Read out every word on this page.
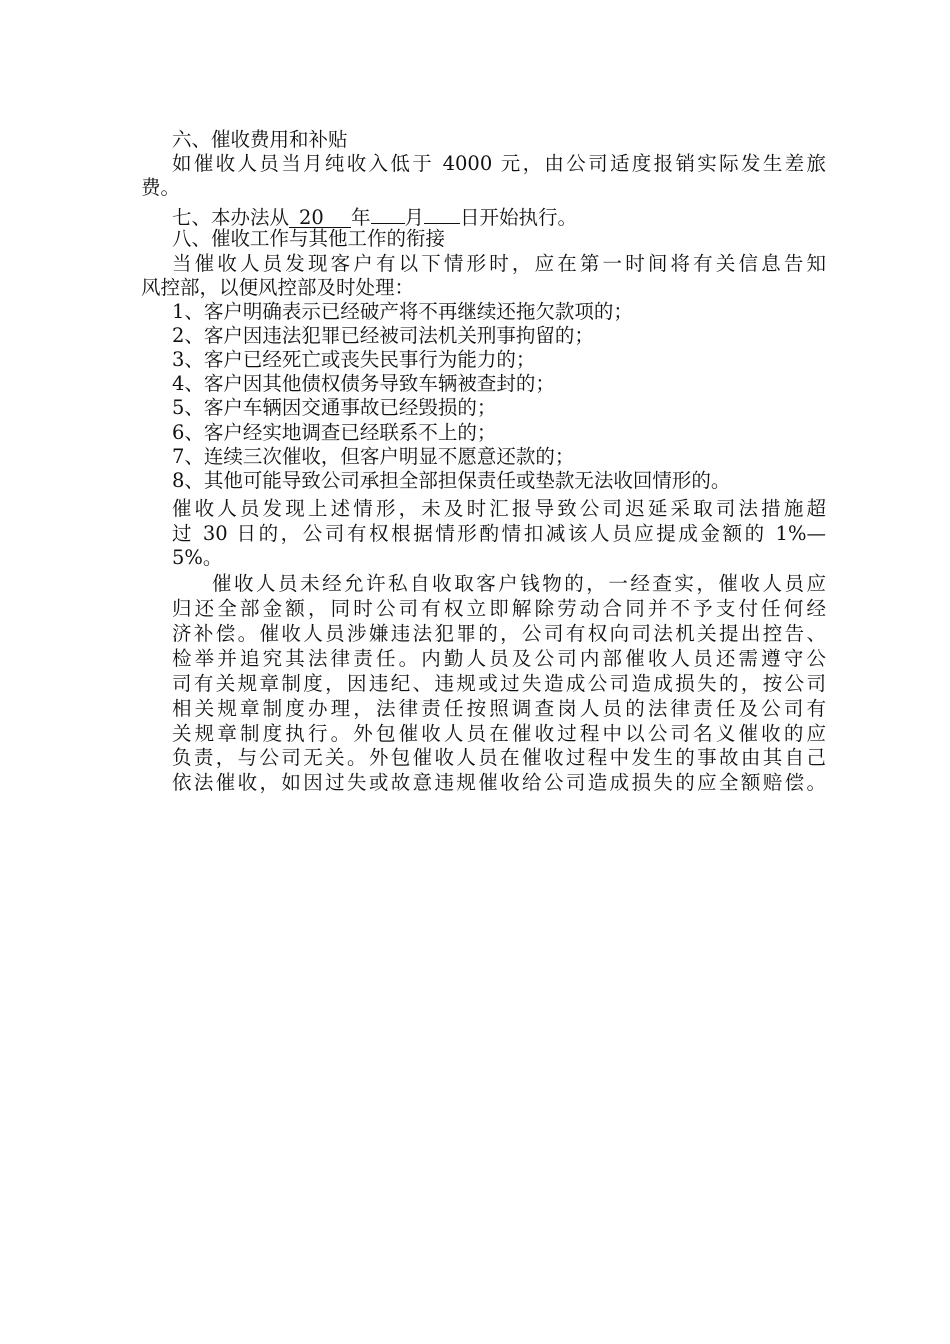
六、催收费用和补贴
如催收人员当月纯收入低于 4000 元，由公司适度报销实际发生差旅
费。
七、本办法从 20 年 月 日开始执行。
八、催收工作与其他工作的衔接
当催收人员发现客户有以下情形时，应在第一时间将有关信息告知
风控部，以便风控部及时处理：
1、客户明确表示已经破产将不再继续还拖欠款项的；
2、客户因违法犯罪已经被司法机关刑事拘留的；
3、客户已经死亡或丧失民事行为能力的；
4、客户因其他债权债务导致车辆被查封的；
5、客户车辆因交通事故已经毁损的；
6、客户经实地调查已经联系不上的；
7、连续三次催收，但客户明显不愿意还款的；
8、其他可能导致公司承担全部担保责任或垫款无法收回情形的。
催收人员发现上述情形，未及时汇报导致公司迟延采取司法措施超
过 30 日的，公司有权根据情形酌情扣减该人员应提成金额的 1%—
5%。
催收人员未经允许私自收取客户钱物的，一经查实，催收人员应
归还全部金额，同时公司有权立即解除劳动合同并不予支付任何经
济补偿。催收人员涉嫌违法犯罪的，公司有权向司法机关提出控告、
检举并追究其法律责任。内勤人员及公司内部催收人员还需遵守公
司有关规章制度，因违纪、违规或过失造成公司造成损失的，按公司
相关规章制度办理，法律责任按照调查岗人员的法律责任及公司有
关规章制度执行。外包催收人员在催收过程中以公司名义催收的应
负责，与公司无关。外包催收人员在催收过程中发生的事故由其自己
依法催收，如因过失或故意违规催收给公司造成损失的应全额赔偿。
